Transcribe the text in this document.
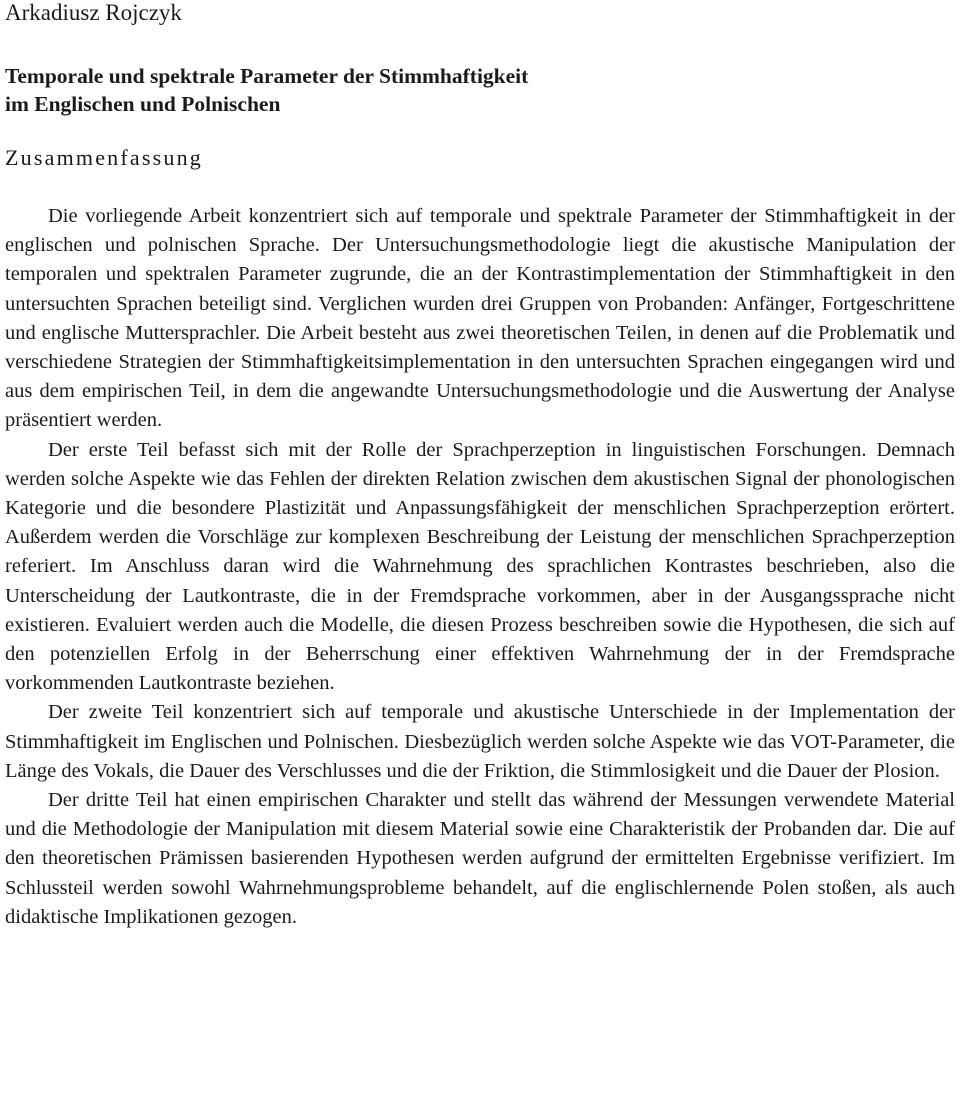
Arkadiusz Rojczyk
Temporale und spektrale Parameter der Stimmhaftigkeit
im Englischen und Polnischen
Zusammenfassung

Die vorliegende Arbeit konzentriert sich auf temporale und spektrale Parameter der Stimmhaftigkeit in der englischen und polnischen Sprache. Der Untersuchungsmethodologie liegt die akustische Manipulation der temporalen und spektralen Parameter zugrunde, die an der Kontrastimplementation der Stimmhaftigkeit in den untersuchten Sprachen beteiligt sind. Verglichen wurden drei Gruppen von Probanden: Anfänger, Fortgeschrittene und englische Muttersprachler. Die Arbeit besteht aus zwei theoretischen Teilen, in denen auf die Problematik und verschiedene Strategien der Stimmhaftigkeitsimplementation in den untersuchten Sprachen eingegangen wird und aus dem empirischen Teil, in dem die angewandte Untersuchungsmethodologie und die Auswertung der Analyse präsentiert werden.

Der erste Teil befasst sich mit der Rolle der Sprachperzeption in linguistischen Forschungen. Demnach werden solche Aspekte wie das Fehlen der direkten Relation zwischen dem akustischen Signal der phonologischen Kategorie und die besondere Plastizität und Anpassungsfähigkeit der menschlichen Sprachperzeption erörtert. Außerdem werden die Vorschläge zur komplexen Beschreibung der Leistung der menschlichen Sprachperzeption referiert. Im Anschluss daran wird die Wahrnehmung des sprachlichen Kontrastes beschrieben, also die Unterscheidung der Lautkontraste, die in der Fremdsprache vorkommen, aber in der Ausgangssprache nicht existieren. Evaluiert werden auch die Modelle, die diesen Prozess beschreiben sowie die Hypothesen, die sich auf den potenziellen Erfolg in der Beherrschung einer effektiven Wahrnehmung der in der Fremdsprache vorkommenden Lautkontraste beziehen.

Der zweite Teil konzentriert sich auf temporale und akustische Unterschiede in der Implementation der Stimmhaftigkeit im Englischen und Polnischen. Diesbezüglich werden solche Aspekte wie das VOT-Parameter, die Länge des Vokals, die Dauer des Verschlusses und die der Friktion, die Stimmlosigkeit und die Dauer der Plosion.

Der dritte Teil hat einen empirischen Charakter und stellt das während der Messungen verwendete Material und die Methodologie der Manipulation mit diesem Material sowie eine Charakteristik der Probanden dar. Die auf den theoretischen Prämissen basierenden Hypothesen werden aufgrund der ermittelten Ergebnisse verifiziert. Im Schlussteil werden sowohl Wahrnehmungsprobleme behandelt, auf die englischlernende Polen stoßen, als auch didaktische Implikationen gezogen.
